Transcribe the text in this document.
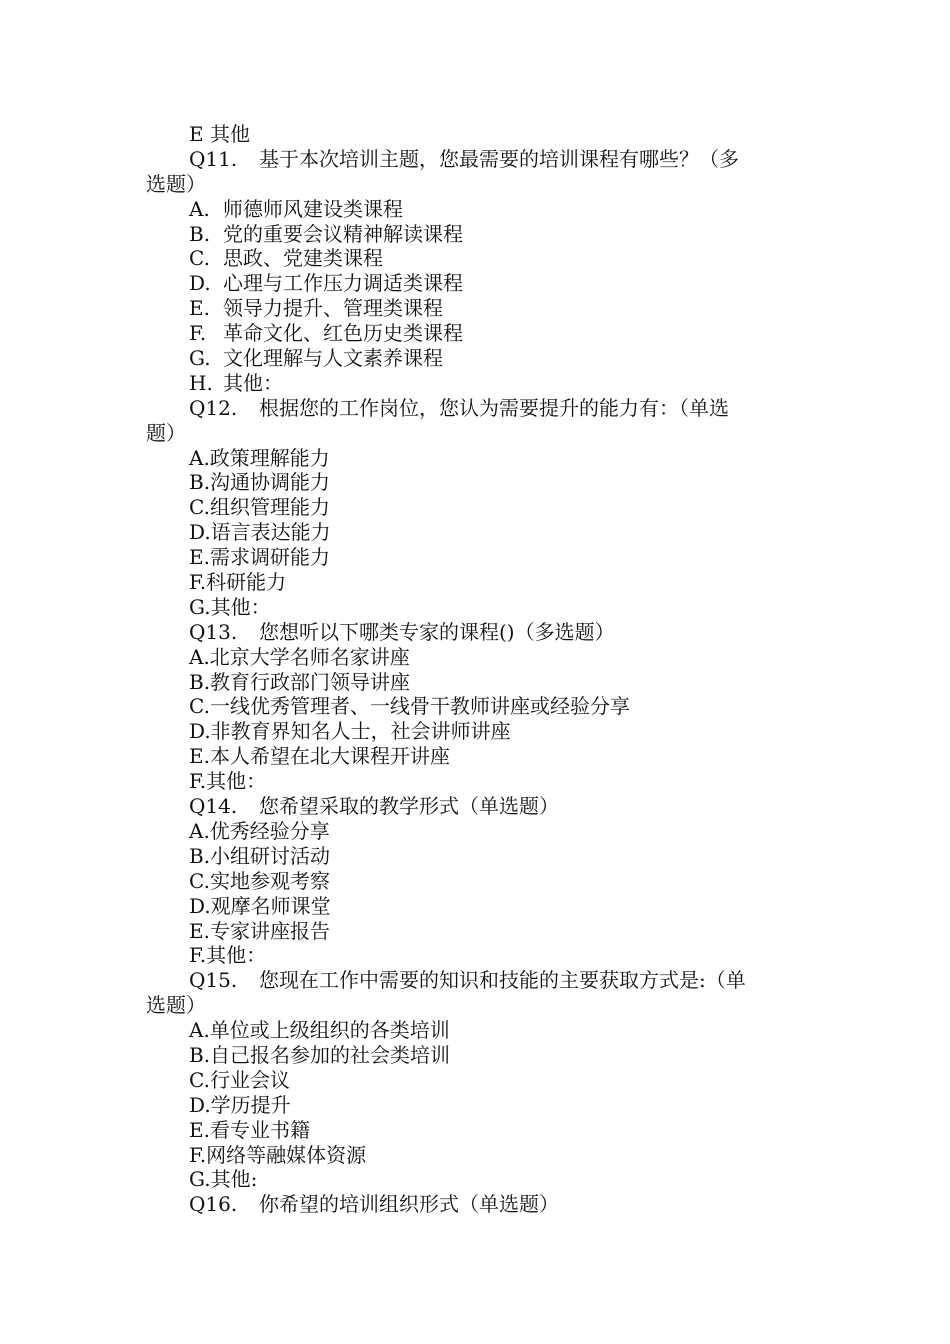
E 其他
Q11. 基于本次培训主题，您最需要的培训课程有哪些？（多
选题）
A. 师德师风建设类课程
B. 党的重要会议精神解读课程
C. 思政、党建类课程
D. 心理与工作压力调适类课程
E. 领导力提升、管理类课程
F. 革命文化、红色历史类课程
G. 文化理解与人文素养课程
H. 其他：
Q12. 根据您的工作岗位，您认为需要提升的能力有：（单选
题）
A.政策理解能力
B.沟通协调能力
C.组织管理能力
D.语言表达能力
E.需求调研能力
F.科研能力
G.其他：
Q13. 您想听以下哪类专家的课程()（多选题）
A.北京大学名师名家讲座
B.教育行政部门领导讲座
C.一线优秀管理者、一线骨干教师讲座或经验分享
D.非教育界知名人士，社会讲师讲座
E.本人希望在北大课程开讲座
F.其他：
Q14. 您希望采取的教学形式（单选题）
A.优秀经验分享
B.小组研讨活动
C.实地参观考察
D.观摩名师课堂
E.专家讲座报告
F.其他：
Q15. 您现在工作中需要的知识和技能的主要获取方式是:（单
选题）
A.单位或上级组织的各类培训
B.自己报名参加的社会类培训
C.行业会议
D.学历提升
E.看专业书籍
F.网络等融媒体资源
G.其他:
Q16. 你希望的培训组织形式（单选题）
